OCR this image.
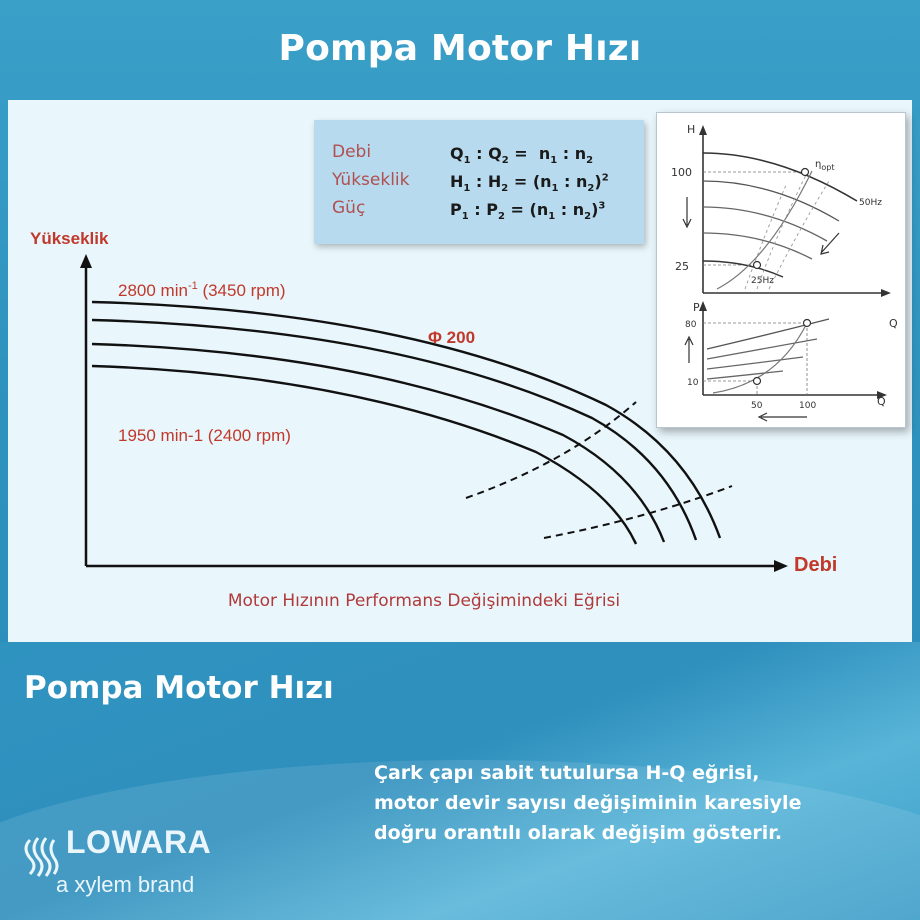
Pompa Motor Hızı
Yükseklik
Debi
2800 $\min^{-1} (3450$ rpm)
1950 min-1 (2400 rpm)
Φ 200
Motor Hızının Performans Değişimindeki Eğrisi
Debi
Yükseklik
Güç
$Q_1$ : $Q_2 = n_1$ : $n_2$
$H_1$ : $H_2 = (n_1$ : $n_2)^2$
$P_1$ : $P_2 = (n_1$ : $n_2)^3$
H
Q
100
25
$\eta_{opt}$
50Hz
25Hz
P
Q
80
10
50	100
Pompa Motor Hızı
Çark çapı sabit tutulursa H-Q eğrisi,
motor devir sayısı değişiminin karesiyle
doğru orantılı olarak değişim gösterir.
LOWARA
a xylem brand
